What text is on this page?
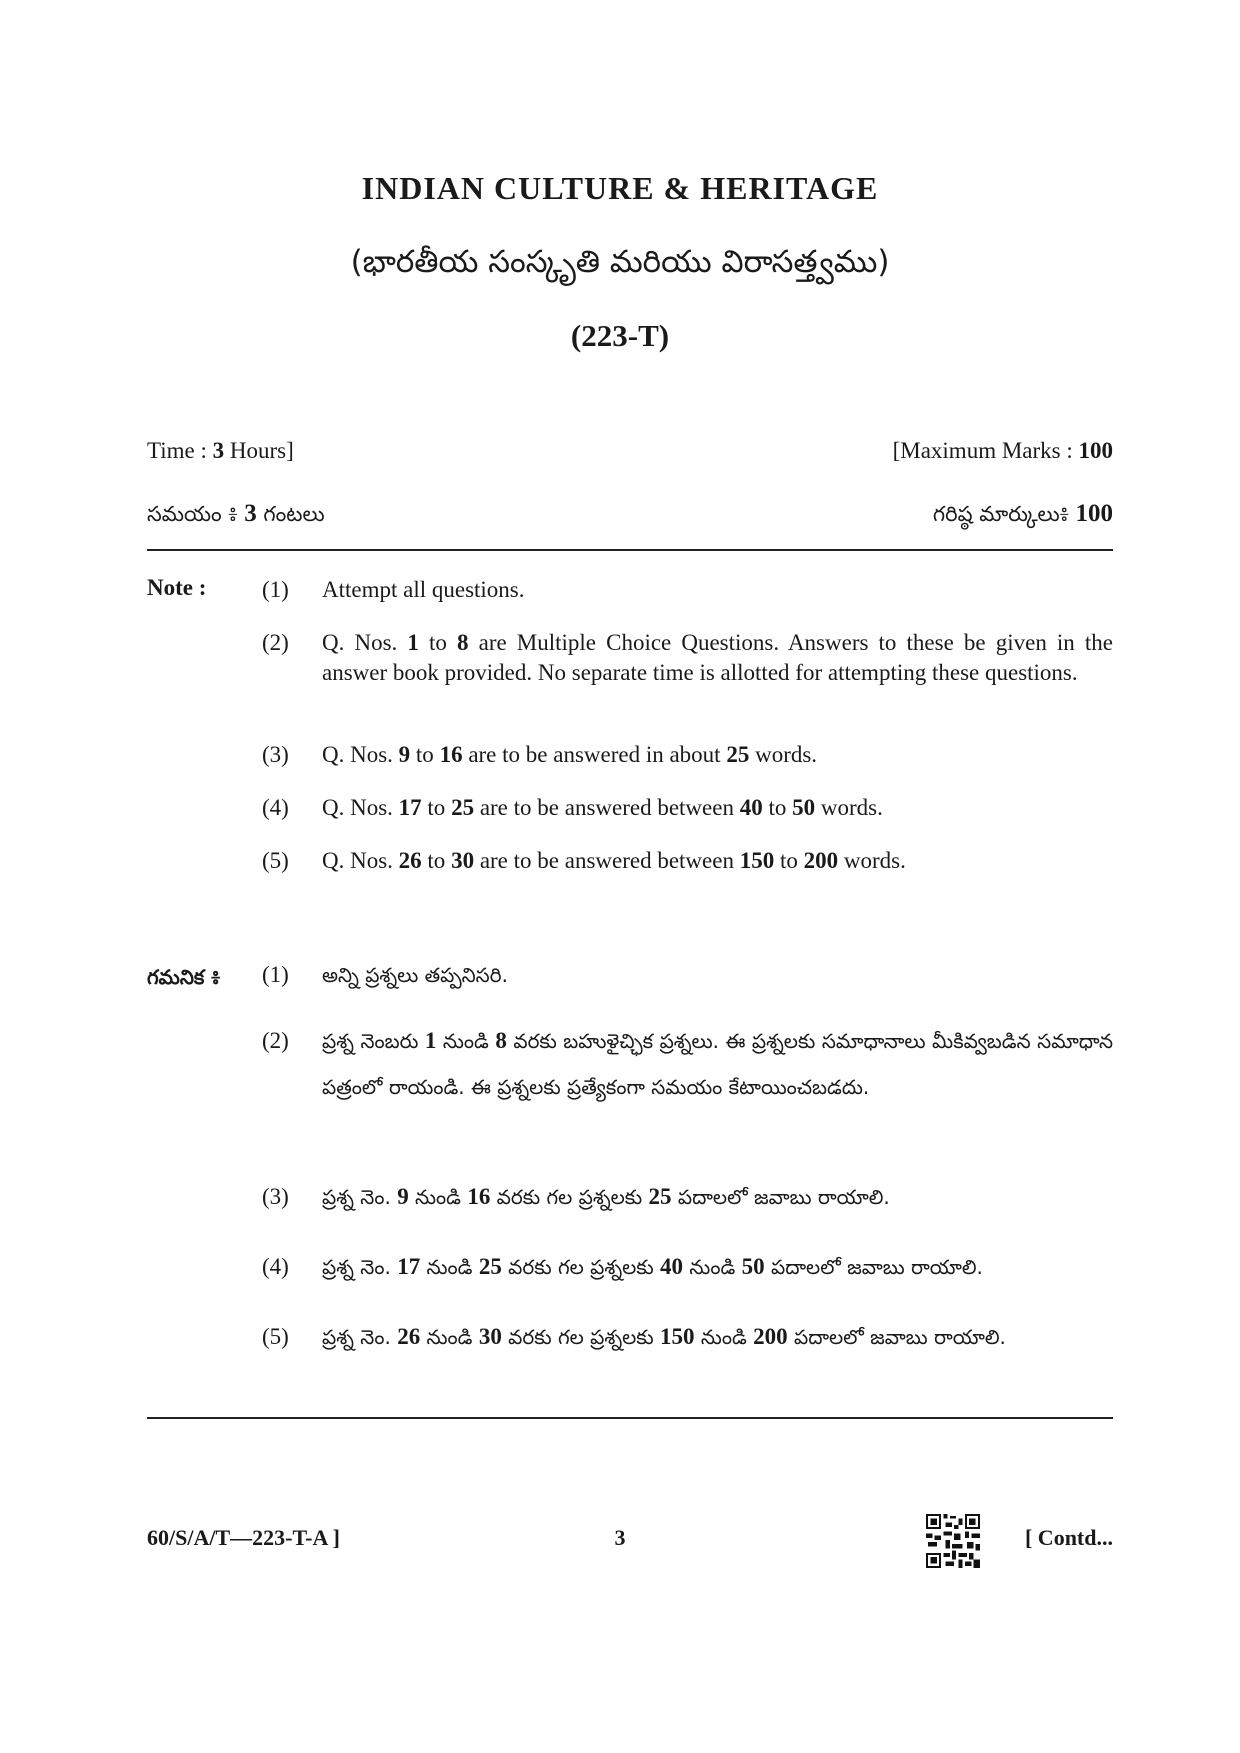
INDIAN CULTURE & HERITAGE
(భారతీయ సంస్కృతి మరియు విరాసత్త్వము)
(223-T)
Time : 3 Hours]	[Maximum Marks : 100
సమయం ៖ 3 గంటలు	గరిష్ఠ మార్కులు៖ 100
Note : (1)	Attempt all questions.
(2)	Q. Nos. 1 to 8 are Multiple Choice Questions. Answers to these be given in the answer book provided. No separate time is allotted for attempting these questions.
(3)	Q. Nos. 9 to 16 are to be answered in about 25 words.
(4)	Q. Nos. 17 to 25 are to be answered between 40 to 50 words.
(5)	Q. Nos. 26 to 30 are to be answered between 150 to 200 words.
గమనిక ៖ (1)	అన్ని ప్రశ్నలు తప్పనిసరి.
(2)	ప్రశ్న నెంబరు 1 నుండి 8 వరకు బహుళైచ్ఛిక ప్రశ్నలు. ఈ ప్రశ్నలకు సమాధానాలు మీకివ్వబడిన సమాధాన పత్రంలో రాయండి. ఈ ప్రశ్నలకు ప్రత్యేకంగా సమయం కేటాయించబడదు.
(3)	ప్రశ్న నెం. 9 నుండి 16 వరకు గల ప్రశ్నలకు 25 పదాలలో జవాబు రాయాలి.
(4)	ప్రశ్న నెం. 17 నుండి 25 వరకు గల ప్రశ్నలకు 40 నుండి 50 పదాలలో జవాబు రాయాలి.
(5)	ప్రశ్న నెం. 26 నుండి 30 వరకు గల ప్రశ్నలకు 150 నుండి 200 పదాలలో జవాబు రాయాలి.
60/S/A/T—223-T-A ]	3	[ Contd...
